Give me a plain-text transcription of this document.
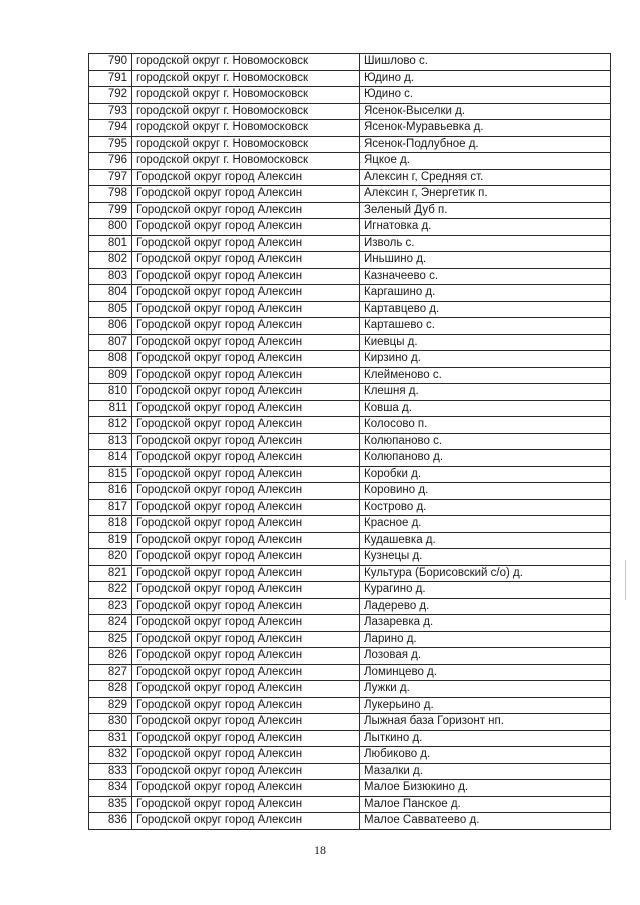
790	городской округ г. Новомосковск	Шишлово с.
791	городской округ г. Новомосковск	Юдино д.
792	городской округ г. Новомосковск	Юдино с.
793	городской округ г. Новомосковск	Ясенок-Выселки д.
794	городской округ г. Новомосковск	Ясенок-Муравьевка д.
795	городской округ г. Новомосковск	Ясенок-Подлубное д.
796	городской округ г. Новомосковск	Яцкое д.
797	Городской округ город Алексин	Алексин г, Средняя ст.
798	Городской округ город Алексин	Алексин г, Энергетик п.
799	Городской округ город Алексин	Зеленый Дуб п.
800	Городской округ город Алексин	Игнатовка д.
801	Городской округ город Алексин	Изволь с.
802	Городской округ город Алексин	Иньшино д.
803	Городской округ город Алексин	Казначеево с.
804	Городской округ город Алексин	Каргашино д.
805	Городской округ город Алексин	Картавцево д.
806	Городской округ город Алексин	Карташево с.
807	Городской округ город Алексин	Киевцы д.
808	Городской округ город Алексин	Кирзино д.
809	Городской округ город Алексин	Клейменово с.
810	Городской округ город Алексин	Клешня д.
811	Городской округ город Алексин	Ковша д.
812	Городской округ город Алексин	Колосово п.
813	Городской округ город Алексин	Колюпаново с.
814	Городской округ город Алексин	Колюпаново д.
815	Городской округ город Алексин	Коробки д.
816	Городской округ город Алексин	Коровино д.
817	Городской округ город Алексин	Кострово д.
818	Городской округ город Алексин	Красное д.
819	Городской округ город Алексин	Кудашевка д.
820	Городской округ город Алексин	Кузнецы д.
821	Городской округ город Алексин	Культура (Борисовский с/о) д.
822	Городской округ город Алексин	Курагино д.
823	Городской округ город Алексин	Ладерево д.
824	Городской округ город Алексин	Лазаревка д.
825	Городской округ город Алексин	Ларино д.
826	Городской округ город Алексин	Лозовая д.
827	Городской округ город Алексин	Ломинцево д.
828	Городской округ город Алексин	Лужки д.
829	Городской округ город Алексин	Лукерьино д.
830	Городской округ город Алексин	Лыжная база Горизонт нп.
831	Городской округ город Алексин	Лыткино д.
832	Городской округ город Алексин	Любиково д.
833	Городской округ город Алексин	Мазалки д.
834	Городской округ город Алексин	Малое Бизюкино д.
835	Городской округ город Алексин	Малое Панское д.
836	Городской округ город Алексин	Малое Савватеево д.
18
